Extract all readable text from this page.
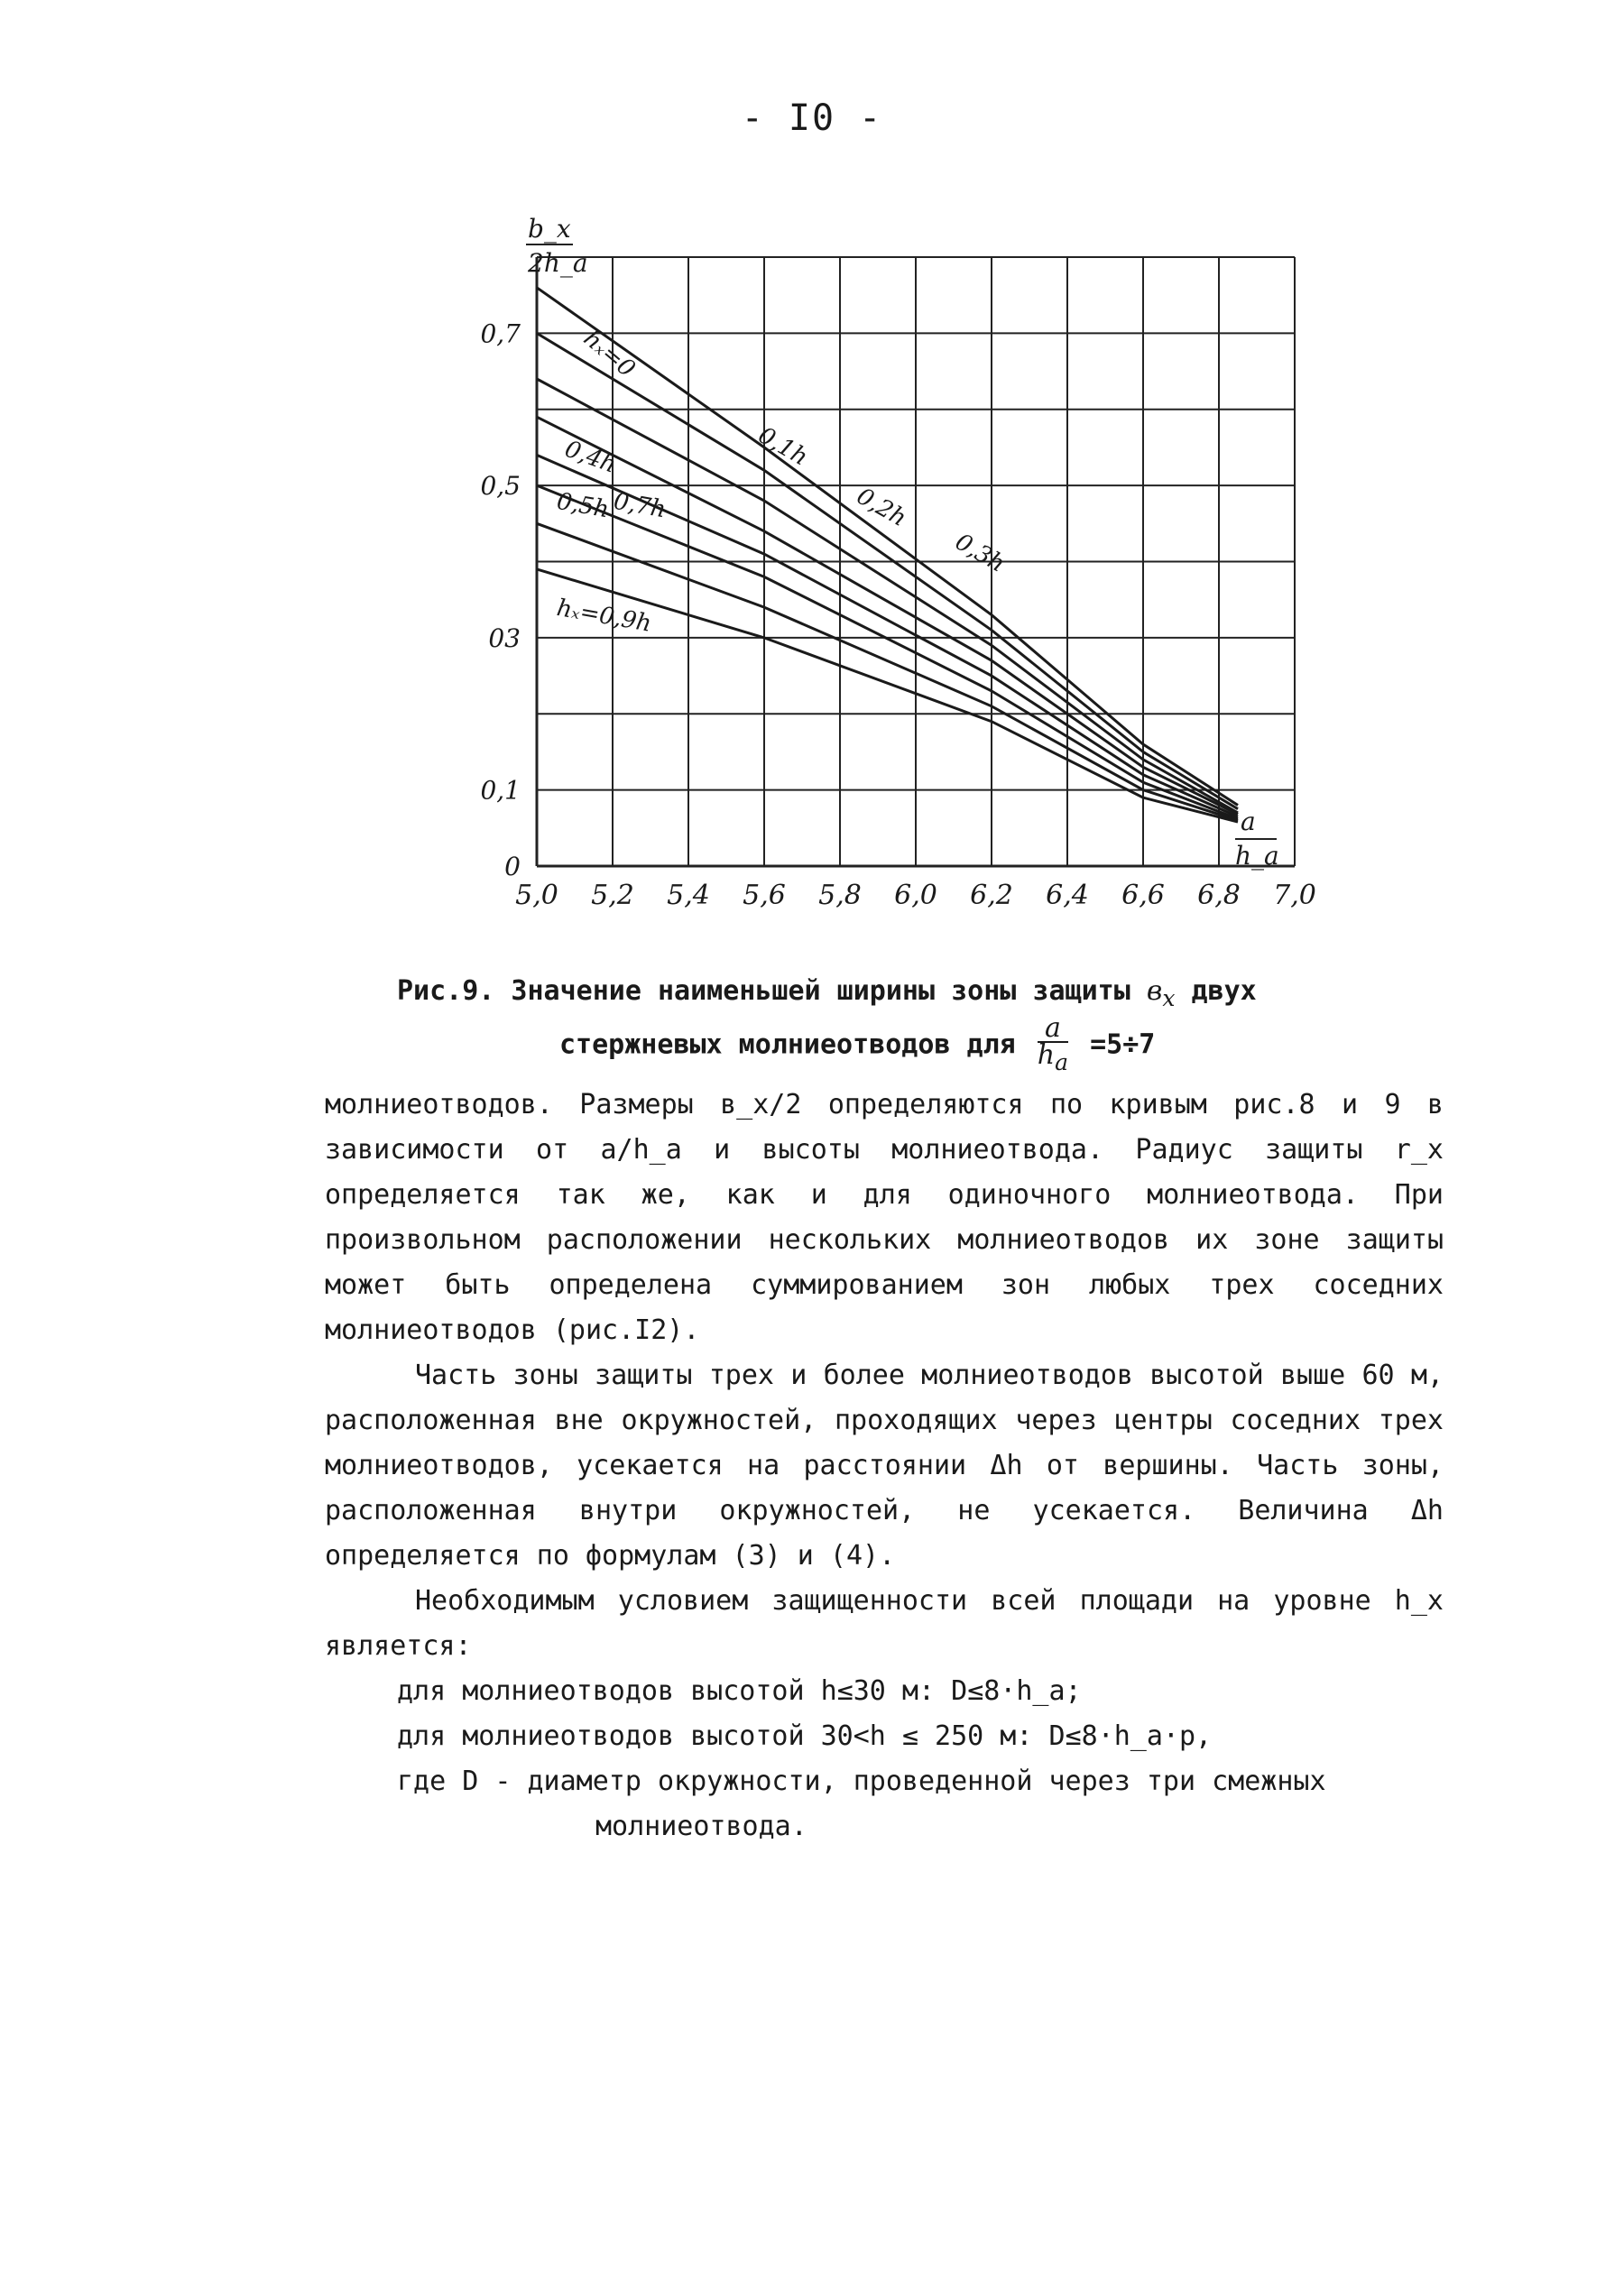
- I0 -
0
0,1
03
0,5
0,7
5,0 5,2 5,4 5,6 5,8 6,0 6,2 6,4 6,6 6,8 7,0
hₓ=0
0,1h
0,2h
0,3h
0,4h
0,5h 0,7h
hₓ=0,9h
b_x
2h_a
a
h_a
Рис.9. Значение наименьшей ширины зоны защиты $в_x$ двух
стержневых молниеотводов для $\frac{a}{h_a} =5\div 7$

молниеотводов. Размеры в_x/2 определяются по кривым рис.8 и 9 в зависимости от a/h_a и высоты молниеотвода. Радиус защиты r_x определяется так же, как и для одиночного молниеотвода. При произвольном расположении нескольких молниеотводов их зоне защиты может быть определена суммированием зон любых трех соседних молниеотводов (рис.I2).

Часть зоны защиты трех и более молниеотводов высотой выше 60 м, расположенная вне окружностей, проходящих через центры соседних трех молниеотводов, усекается на расстоянии Δh от вершины. Часть зоны, расположенная внутри окружностей, не усекается. Величина Δh определяется по формулам (3) и (4).

Необходимым условием защищенности всей площади на уровне h_x является:

для молниеотводов высотой h≤30 м: D≤8·h_a;

для молниеотводов высотой 30<h ≤ 250 м: D≤8·h_a·p,

где D - диаметр окружности, проведенной через три смежных

молниеотвода.
